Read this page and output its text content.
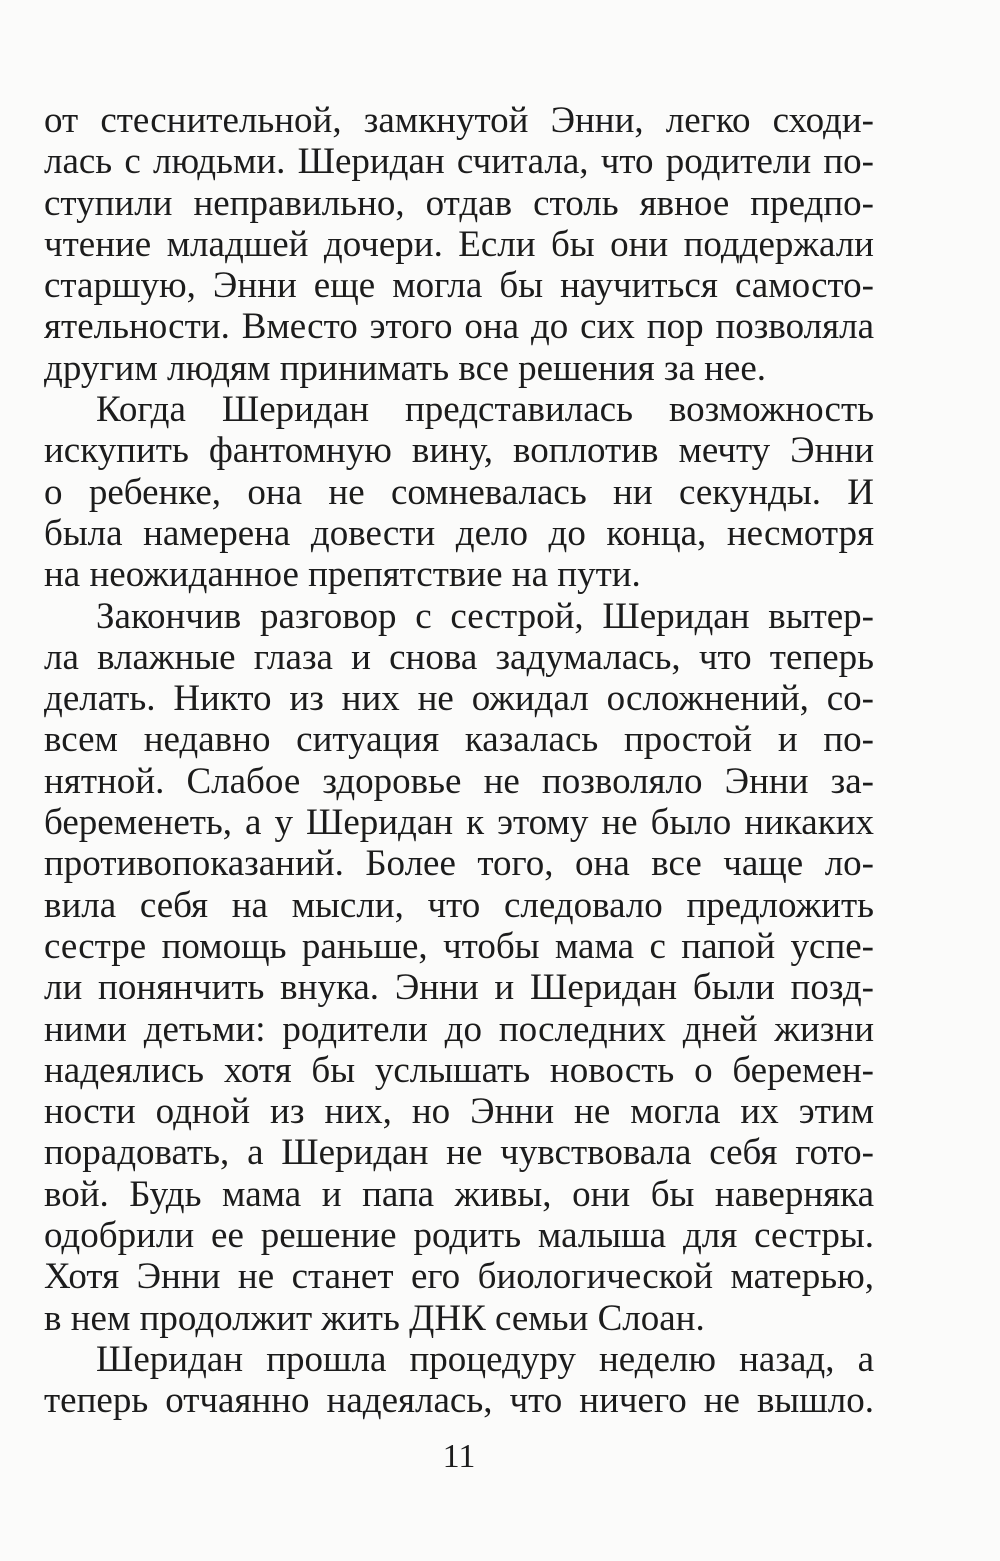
от стеснительной, замкнутой Энни, легко сходи-
лась с людьми. Шеридан считала, что родители по-
ступили неправильно, отдав столь явное предпо-
чтение младшей дочери. Если бы они поддержали
старшую, Энни еще могла бы научиться самосто-
ятельности. Вместо этого она до сих пор позволяла
другим людям принимать все решения за нее.
Когда Шеридан представилась возможность
искупить фантомную вину, воплотив мечту Энни
о ребенке, она не сомневалась ни секунды. И
была намерена довести дело до конца, несмотря
на неожиданное препятствие на пути.
Закончив разговор с сестрой, Шеридан вытер-
ла влажные глаза и снова задумалась, что теперь
делать. Никто из них не ожидал осложнений, со-
всем недавно ситуация казалась простой и по-
нятной. Слабое здоровье не позволяло Энни за-
беременеть, а у Шеридан к этому не было никаких
противопоказаний. Более того, она все чаще ло-
вила себя на мысли, что следовало предложить
сестре помощь раньше, чтобы мама с папой успе-
ли понянчить внука. Энни и Шеридан были позд-
ними детьми: родители до последних дней жизни
надеялись хотя бы услышать новость о беремен-
ности одной из них, но Энни не могла их этим
порадовать, а Шеридан не чувствовала себя гото-
вой. Будь мама и папа живы, они бы наверняка
одобрили ее решение родить малыша для сестры.
Хотя Энни не станет его биологической матерью,
в нем продолжит жить ДНК семьи Слоан.
Шеридан прошла процедуру неделю назад, а
теперь отчаянно надеялась, что ничего не вышло.
11
